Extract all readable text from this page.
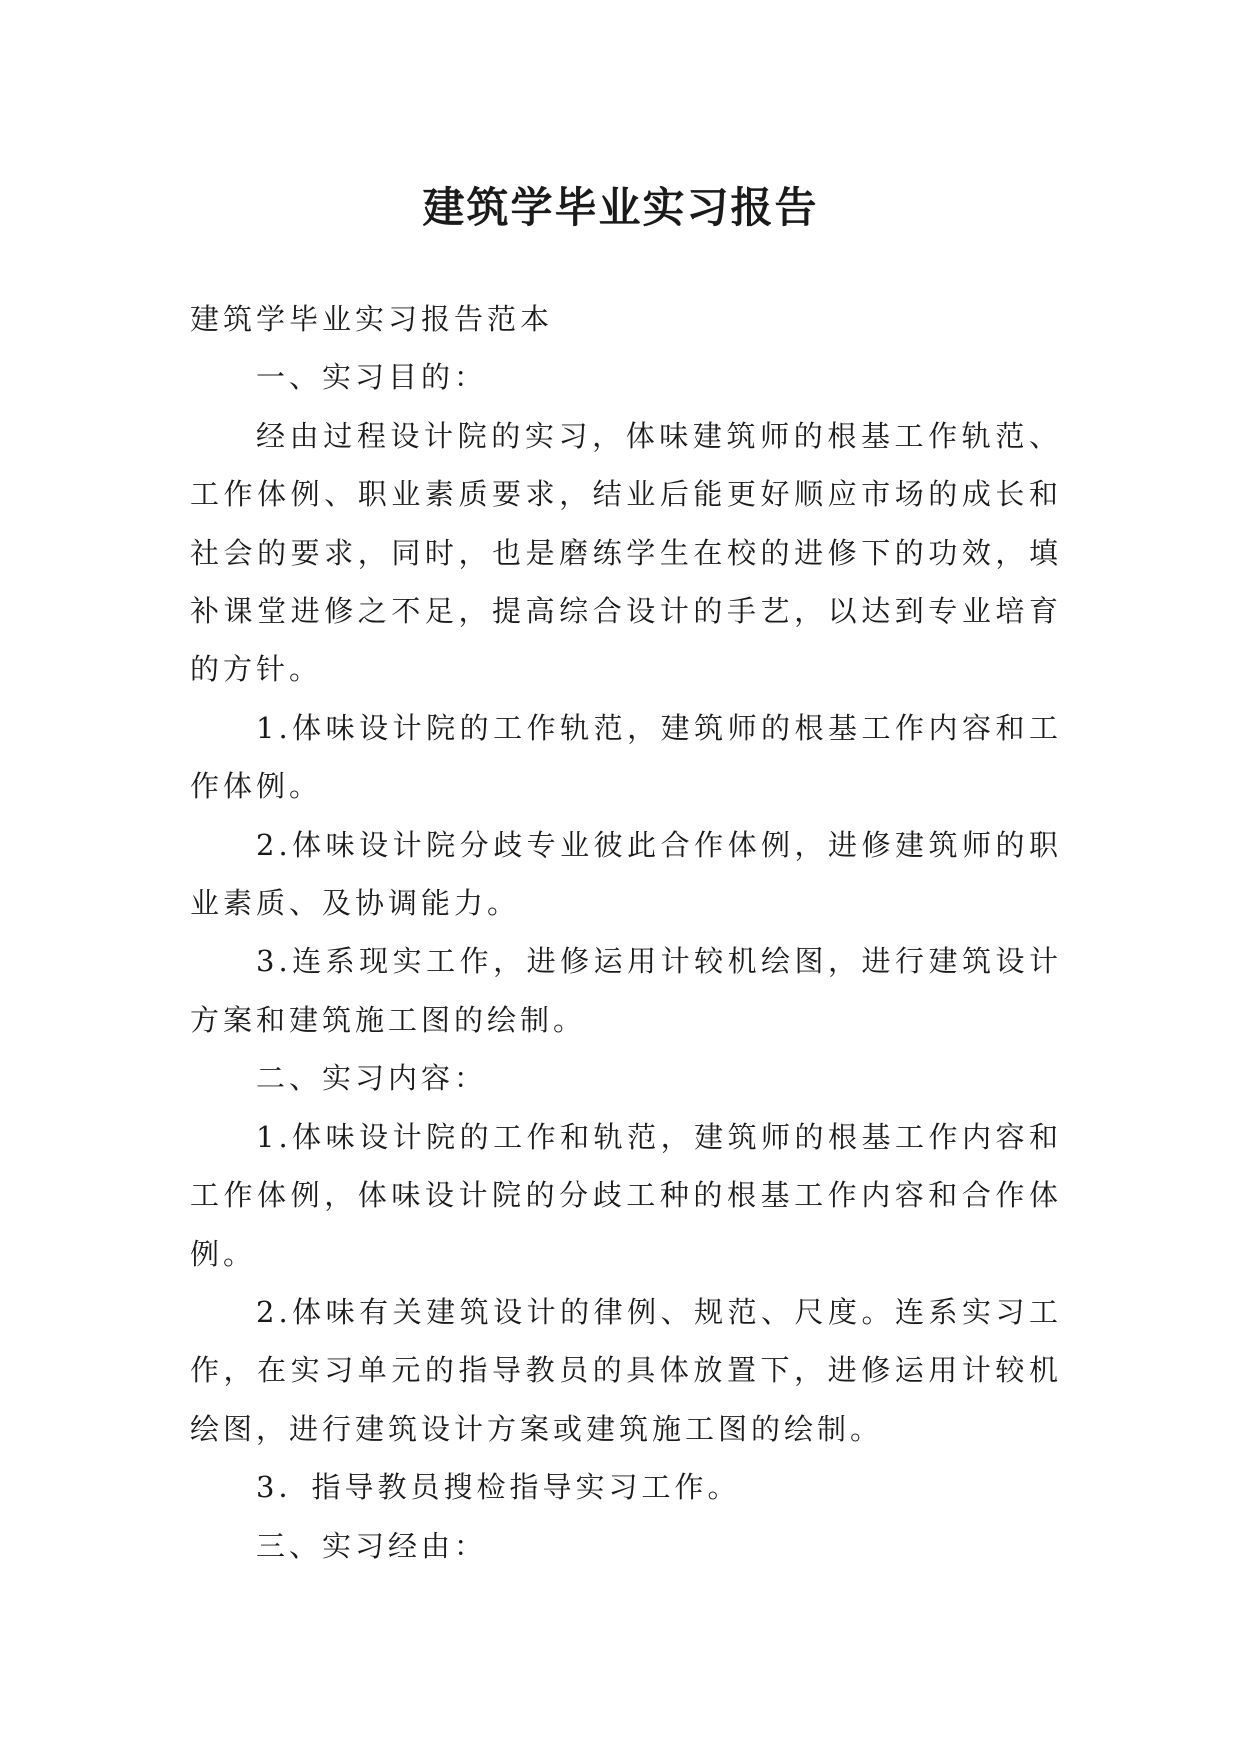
建筑学毕业实习报告

建筑学毕业实习报告范本

一、实习目的：

经由过程设计院的实习，体味建筑师的根基工作轨范、工作体例、职业素质要求，结业后能更好顺应市场的成长和社会的要求，同时，也是磨练学生在校的进修下的功效，填补课堂进修之不足，提高综合设计的手艺，以达到专业培育的方针。

1.体味设计院的工作轨范，建筑师的根基工作内容和工作体例。

2.体味设计院分歧专业彼此合作体例，进修建筑师的职业素质、及协调能力。

3.连系现实工作，进修运用计较机绘图，进行建筑设计方案和建筑施工图的绘制。

二、实习内容：

1.体味设计院的工作和轨范，建筑师的根基工作内容和工作体例，体味设计院的分歧工种的根基工作内容和合作体例。

2.体味有关建筑设计的律例、规范、尺度。连系实习工作，在实习单元的指导教员的具体放置下，进修运用计较机绘图，进行建筑设计方案或建筑施工图的绘制。

3．指导教员搜检指导实习工作。

三、实习经由：
